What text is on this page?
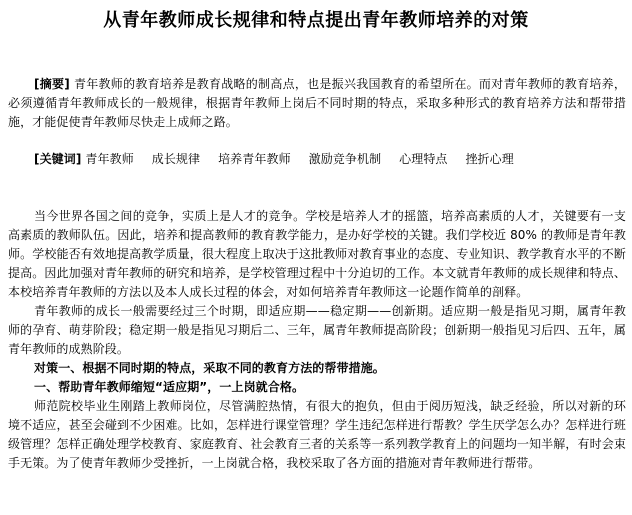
从青年教师成长规律和特点提出青年教师培养的对策
[摘要] 青年教师的教育培养是教育战略的制高点，也是振兴我国教育的希望所在。而对青年教师的教育培养，必须遵循青年教师成长的一般规律，根据青年教师上岗后不同时期的特点，采取多种形式的教育培养方法和帮带措施，才能促使青年教师尽快走上成师之路。
[关键词] 青年教师 成长规律 培养青年教师 激励竞争机制 心理特点 挫折心理
当今世界各国之间的竞争，实质上是人才的竞争。学校是培养人才的摇篮，培养高素质的人才，关键要有一支高素质的教师队伍。因此，培养和提高教师的教育教学能力，是办好学校的关键。我们学校近 80% 的教师是青年教师。学校能否有效地提高教学质量，很大程度上取决于这批教师对教育事业的态度、专业知识、教学教育水平的不断提高。因此加强对青年教师的研究和培养，是学校管理过程中十分迫切的工作。本文就青年教师的成长规律和特点、本校培养青年教师的方法以及本人成长过程的体会，对如何培养青年教师这一论题作简单的剖释。
青年教师的成长一般需要经过三个时期，即适应期——稳定期——创新期。适应期一般是指见习期，属青年教师的孕育、萌芽阶段；稳定期一般是指见习期后二、三年，属青年教师提高阶段；创新期一般指见习后四、五年，属青年教师的成熟阶段。
对策一、根据不同时期的特点，采取不同的教育方法的帮带措施。
一、帮助青年教师缩短“适应期”，一上岗就合格。
师范院校毕业生刚踏上教师岗位，尽管满腔热情，有很大的抱负，但由于阅历短浅，缺乏经验，所以对新的环境不适应，甚至会碰到不少困难。比如，怎样进行课堂管理？学生违纪怎样进行帮教？学生厌学怎么办？怎样进行班级管理？怎样正确处理学校教育、家庭教育、社会教育三者的关系等一系列教学教育上的问题均一知半解，有时会束手无策。为了使青年教师少受挫折，一上岗就合格，我校采取了各方面的措施对青年教师进行帮带。
